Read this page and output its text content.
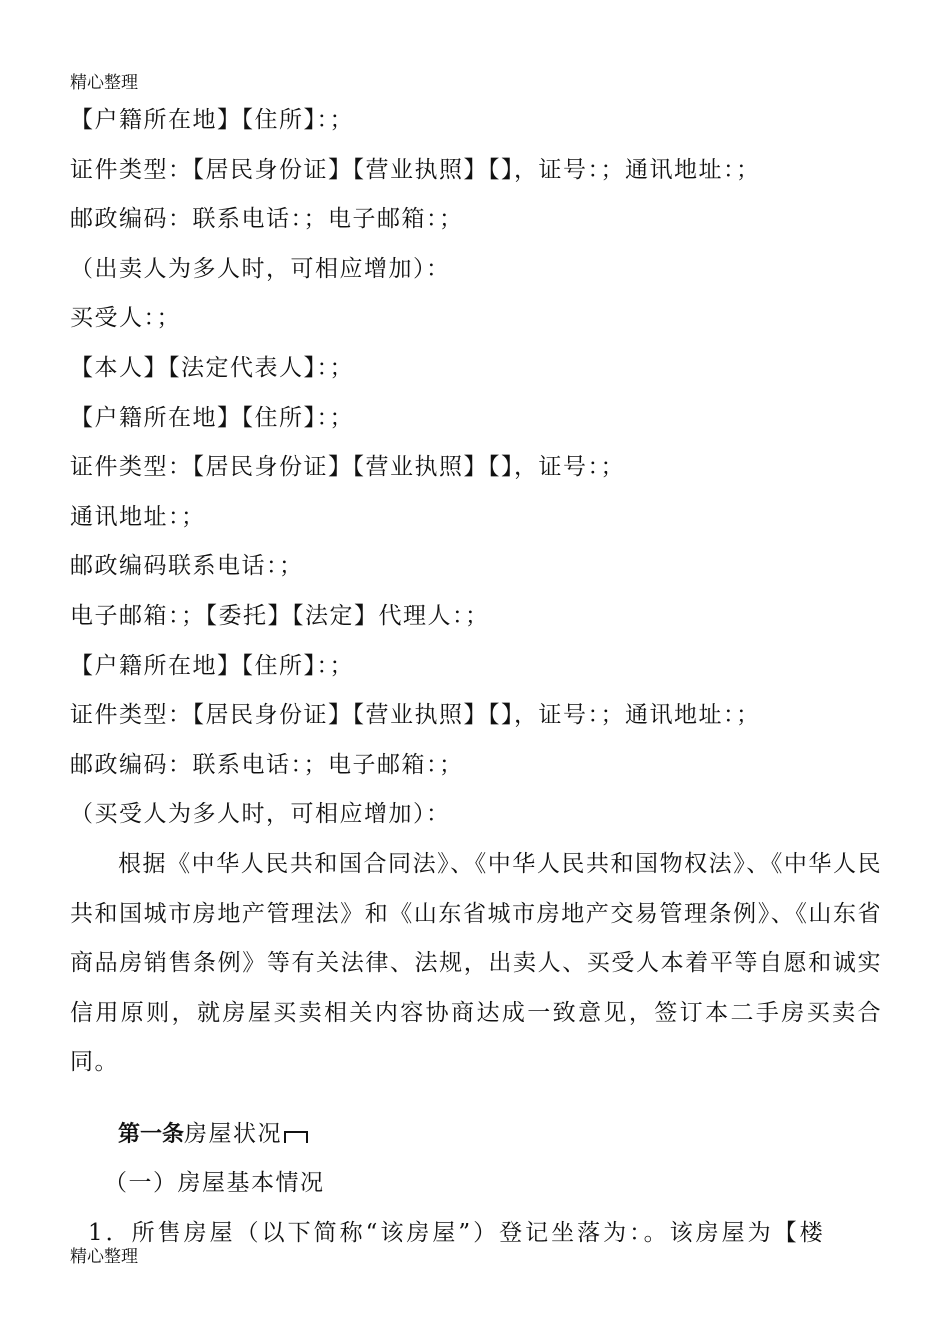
精心整理
【户籍所在地】【住所】：；
证件类型：【居民身份证】【营业执照】【】，证号：；通讯地址：；
邮政编码：联系电话：；电子邮箱：；
（出卖人为多人时，可相应增加）：
买受人：；
【本人】【法定代表人】：；
【户籍所在地】【住所】：；
证件类型：【居民身份证】【营业执照】【】，证号：；
通讯地址：；
邮政编码联系电话：；
电子邮箱：；【委托】【法定】代理人：；
【户籍所在地】【住所】：；
证件类型：【居民身份证】【营业执照】【】，证号：；通讯地址：；
邮政编码：联系电话：；电子邮箱：；
（买受人为多人时，可相应增加）：

根据《中华人民共和国合同法》、《中华人民共和国物权法》、《中华人民共和国城市房地产管理法》和《山东省城市房地产交易管理条例》、《山东省商品房销售条例》等有关法律、法规，出卖人、买受人本着平等自愿和诚实信用原则，就房屋买卖相关内容协商达成一致意见，签订本二手房买卖合同。

第一条房屋状况
（一）房屋基本情况
1．所售房屋（以下简称“该房屋”）登记坐落为：。该房屋为【楼
精心整理
